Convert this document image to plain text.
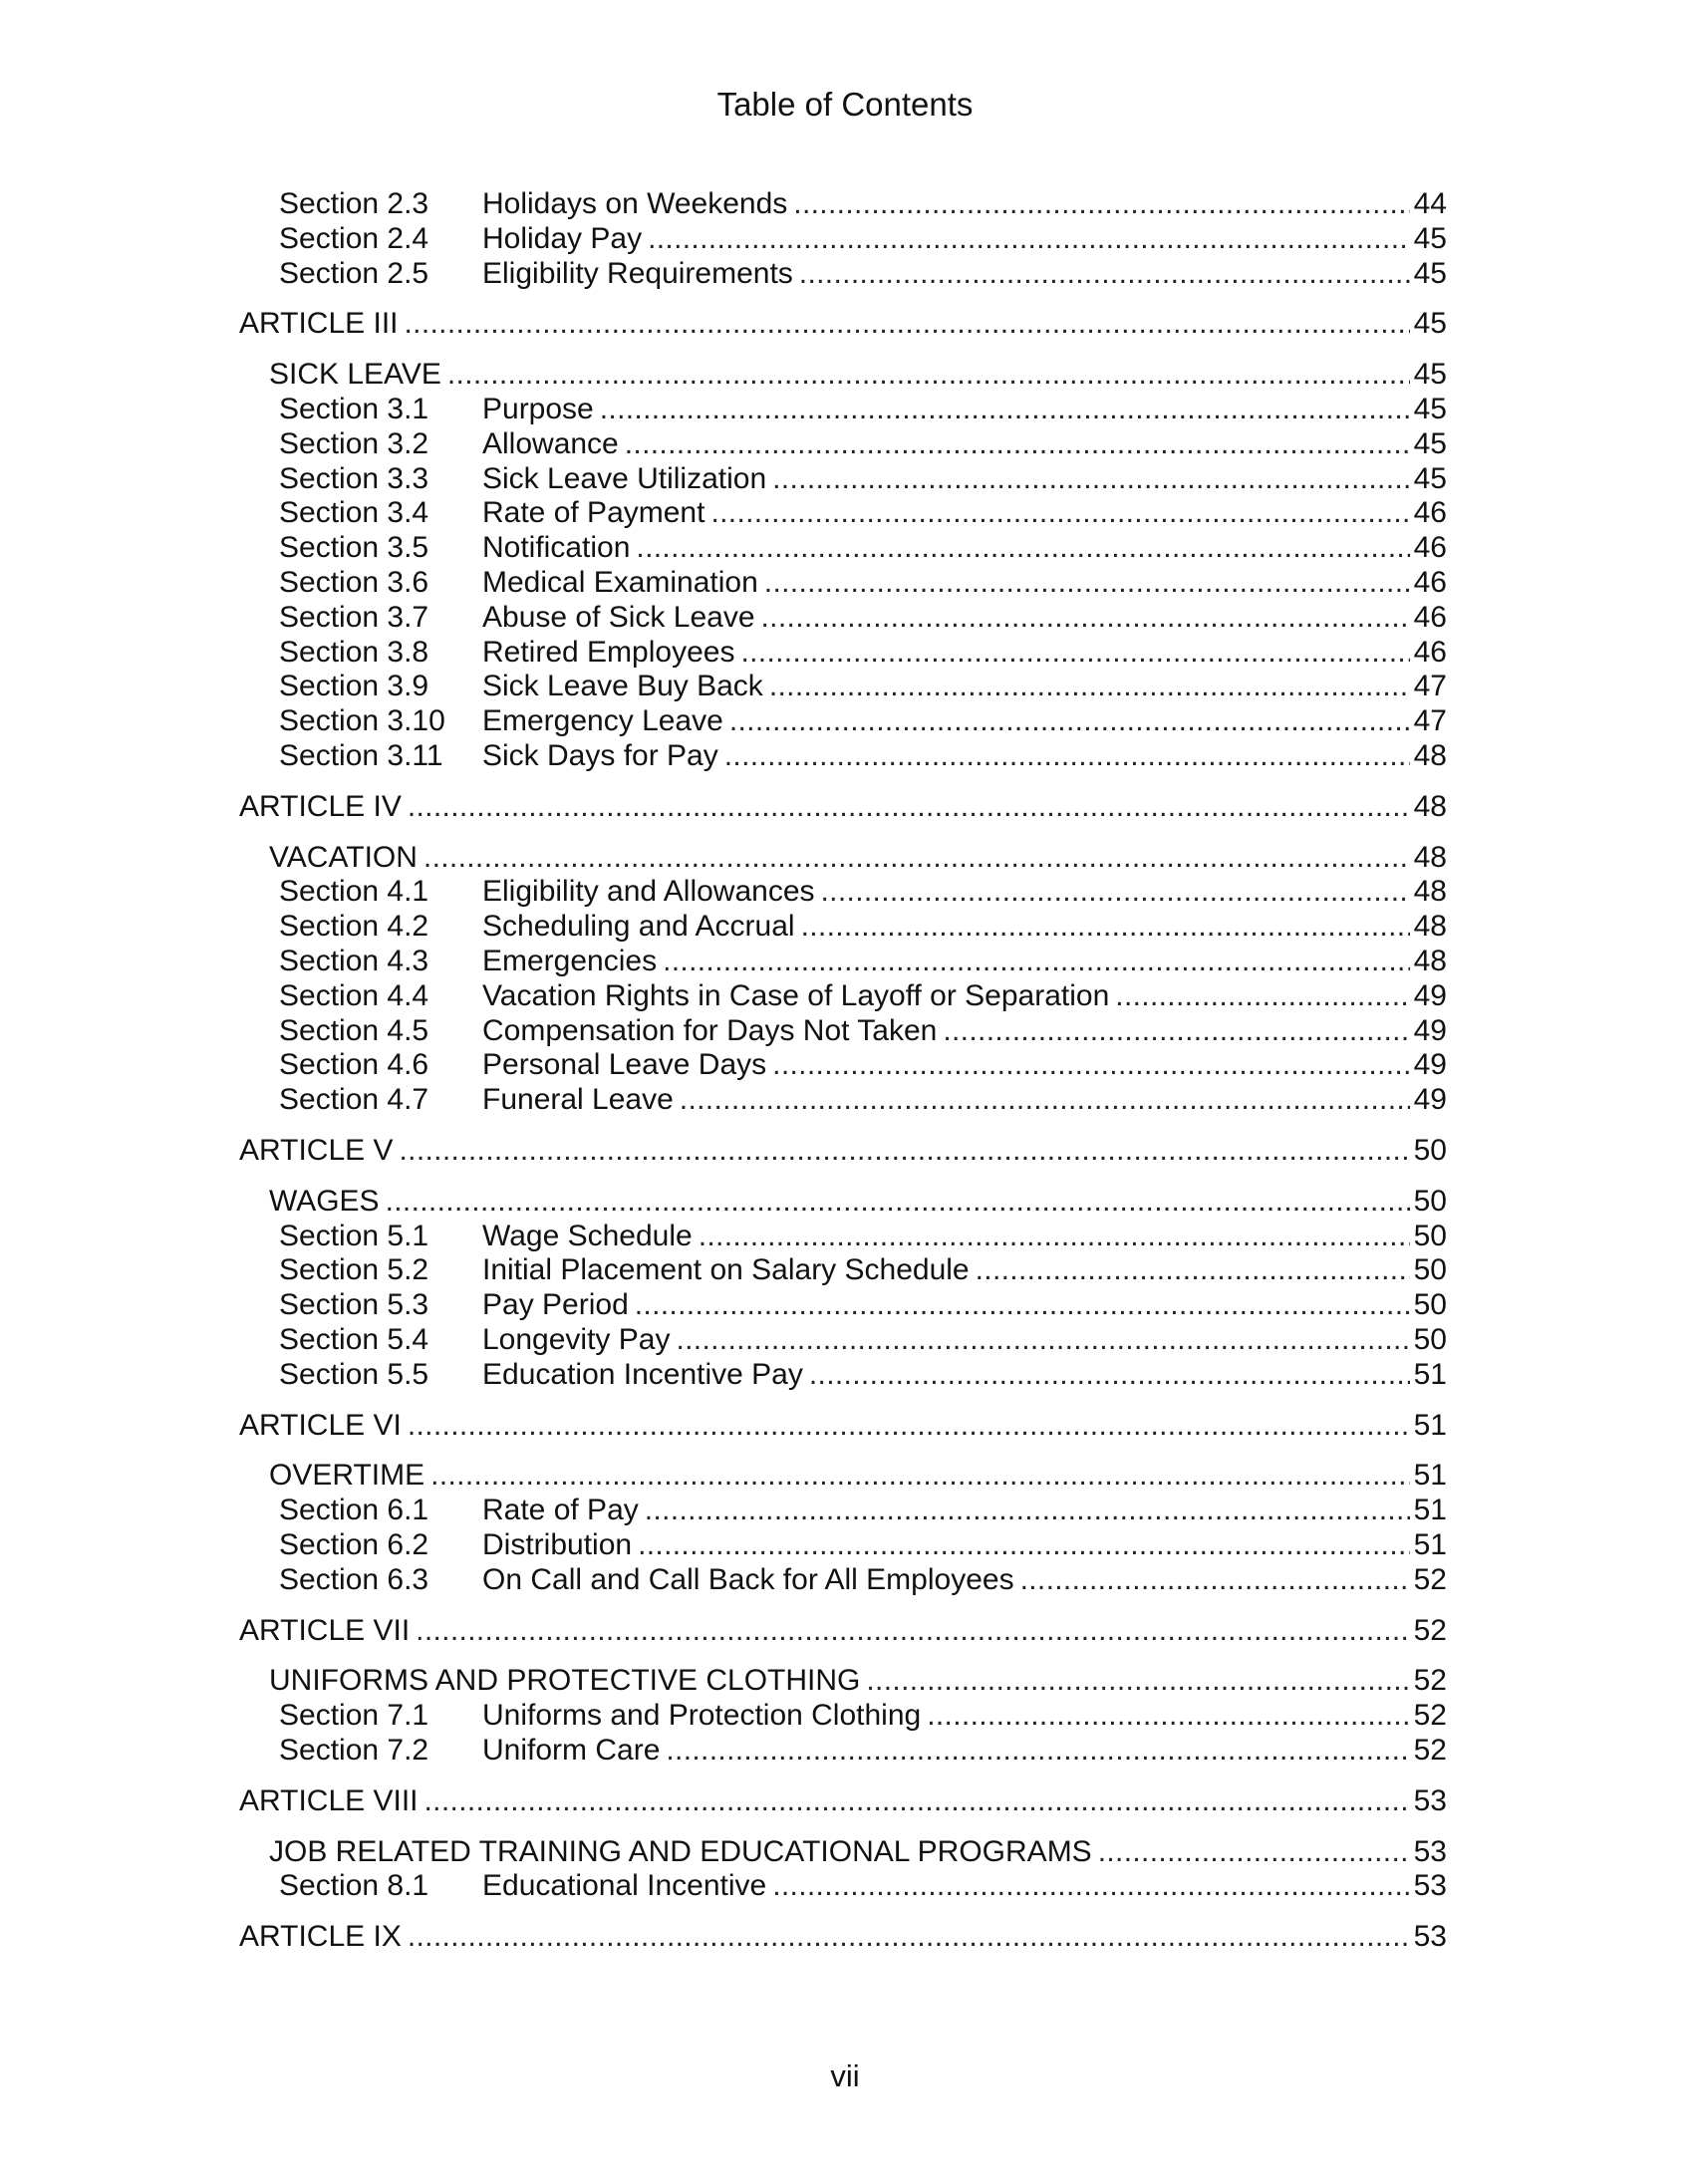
Table of Contents
Section 2.3	Holidays on Weekends . . .	44
Section 2.4	Holiday Pay . . .	45
Section 2.5	Eligibility Requirements . . .	45
ARTICLE III . . .	45
SICK LEAVE . . .	45
Section 3.1	Purpose . . .	45
Section 3.2	Allowance . . .	45
Section 3.3	Sick Leave Utilization . . .	45
Section 3.4	Rate of Payment . . .	46
Section 3.5	Notification . . .	46
Section 3.6	Medical Examination . . .	46
Section 3.7	Abuse of Sick Leave . . .	46
Section 3.8	Retired Employees . . .	46
Section 3.9	Sick Leave Buy Back . . .	47
Section 3.10	Emergency Leave . . .	47
Section 3.11	Sick Days for Pay . . .	48
ARTICLE IV . . .	48
VACATION . . .	48
Section 4.1	Eligibility and Allowances . . .	48
Section 4.2	Scheduling and Accrual . . .	48
Section 4.3	Emergencies . . .	48
Section 4.4	Vacation Rights in Case of Layoff or Separation . . .	49
Section 4.5	Compensation for Days Not Taken . . .	49
Section 4.6	Personal Leave Days . . .	49
Section 4.7	Funeral Leave . . .	49
ARTICLE V . . .	50
WAGES . . .	50
Section 5.1	Wage Schedule . . .	50
Section 5.2	Initial Placement on Salary Schedule . . .	50
Section 5.3	Pay Period . . .	50
Section 5.4	Longevity Pay . . .	50
Section 5.5	Education Incentive Pay . . .	51
ARTICLE VI . . .	51
OVERTIME . . .	51
Section 6.1	Rate of Pay . . .	51
Section 6.2	Distribution . . .	51
Section 6.3	On Call and Call Back for All Employees . . .	52
ARTICLE VII . . .	52
UNIFORMS AND PROTECTIVE CLOTHING . . .	52
Section 7.1	Uniforms and Protection Clothing . . .	52
Section 7.2	Uniform Care . . .	52
ARTICLE VIII . . .	53
JOB RELATED TRAINING AND EDUCATIONAL PROGRAMS . . .	53
Section 8.1	Educational Incentive . . .	53
ARTICLE IX . . .	53
vii
